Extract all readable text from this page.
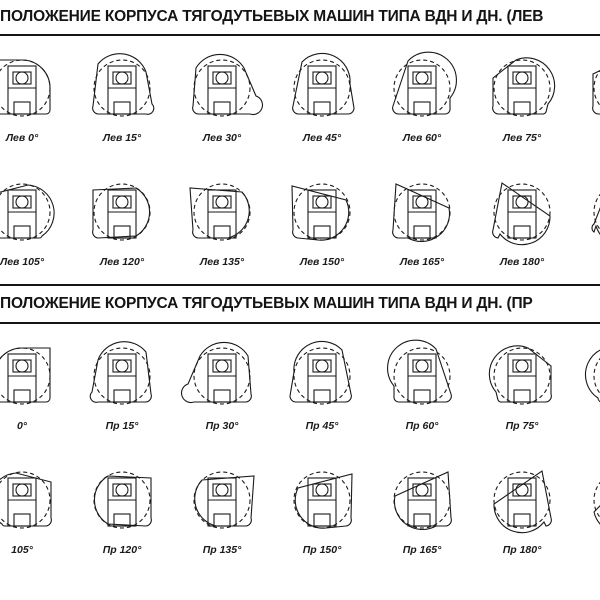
ПОЛОЖЕНИЕ КОРПУСА ТЯГОДУТЬЕВЫХ МАШИН ТИПА ВДН И ДН. (ЛЕВ
Лев 0°	Лев 15°	Лев 30°	Лев 45°	Лев 60°	Лев 75°
Лев 105°	Лев 120°	Лев 135°	Лев 150°	Лев 165°	Лев 180°
ПОЛОЖЕНИЕ КОРПУСА ТЯГОДУТЬЕВЫХ МАШИН ТИПА ВДН И ДН. (ПР
0°	Пр 15°	Пр 30°	Пр 45°	Пр 60°	Пр 75°
105°	Пр 120°	Пр 135°	Пр 150°	Пр 165°	Пр 180°
